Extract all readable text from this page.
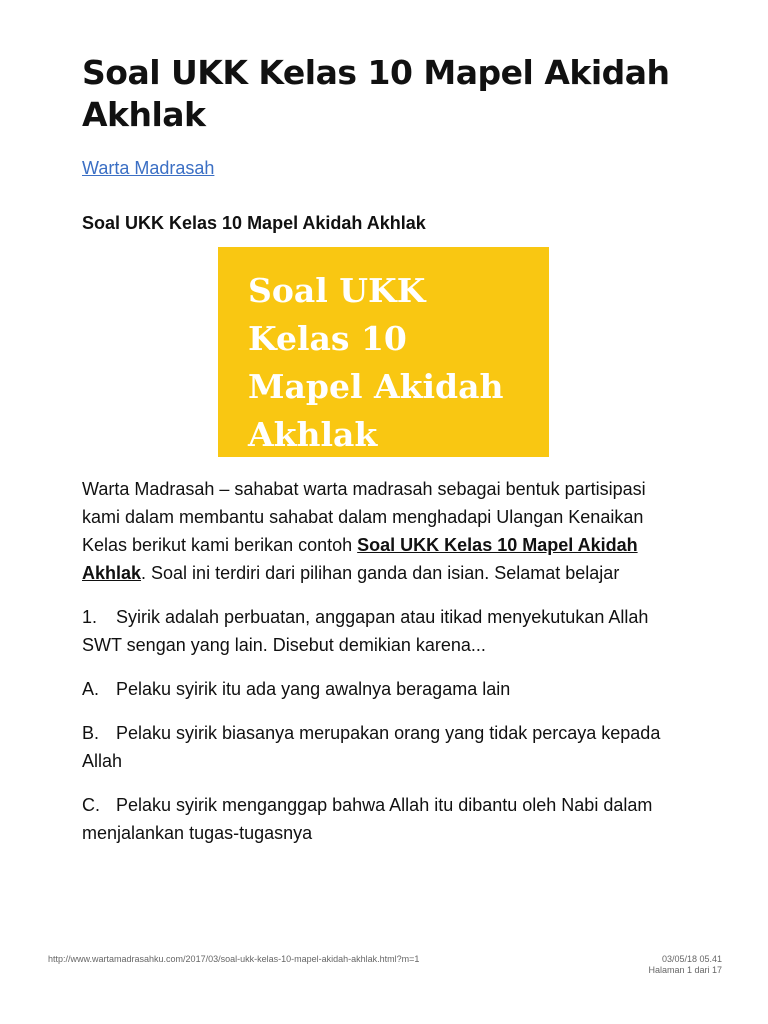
Soal UKK Kelas 10 Mapel Akidah Akhlak
Warta Madrasah
Soal UKK Kelas 10 Mapel Akidah Akhlak

Soal UKK
Kelas 10
Mapel Akidah
Akhlak

Warta Madrasah – sahabat warta madrasah sebagai bentuk partisipasi kami dalam membantu sahabat dalam menghadapi Ulangan Kenaikan Kelas berikut kami berikan contoh Soal UKK Kelas 10 Mapel Akidah Akhlak. Soal ini terdiri dari pilihan ganda dan isian. Selamat belajar

1. Syirik adalah perbuatan, anggapan atau itikad menyekutukan Allah SWT sengan yang lain. Disebut demikian karena...

A. Pelaku syirik itu ada yang awalnya beragama lain

B. Pelaku syirik biasanya merupakan orang yang tidak percaya kepada Allah

C. Pelaku syirik menganggap bahwa Allah itu dibantu oleh Nabi dalam menjalankan tugas-tugasnya

http://www.wartamadrasahku.com/2017/03/soal-ukk-kelas-10-mapel-akidah-akhlak.html?m=1	03/05/18 05.41
Halaman 1 dari 17
